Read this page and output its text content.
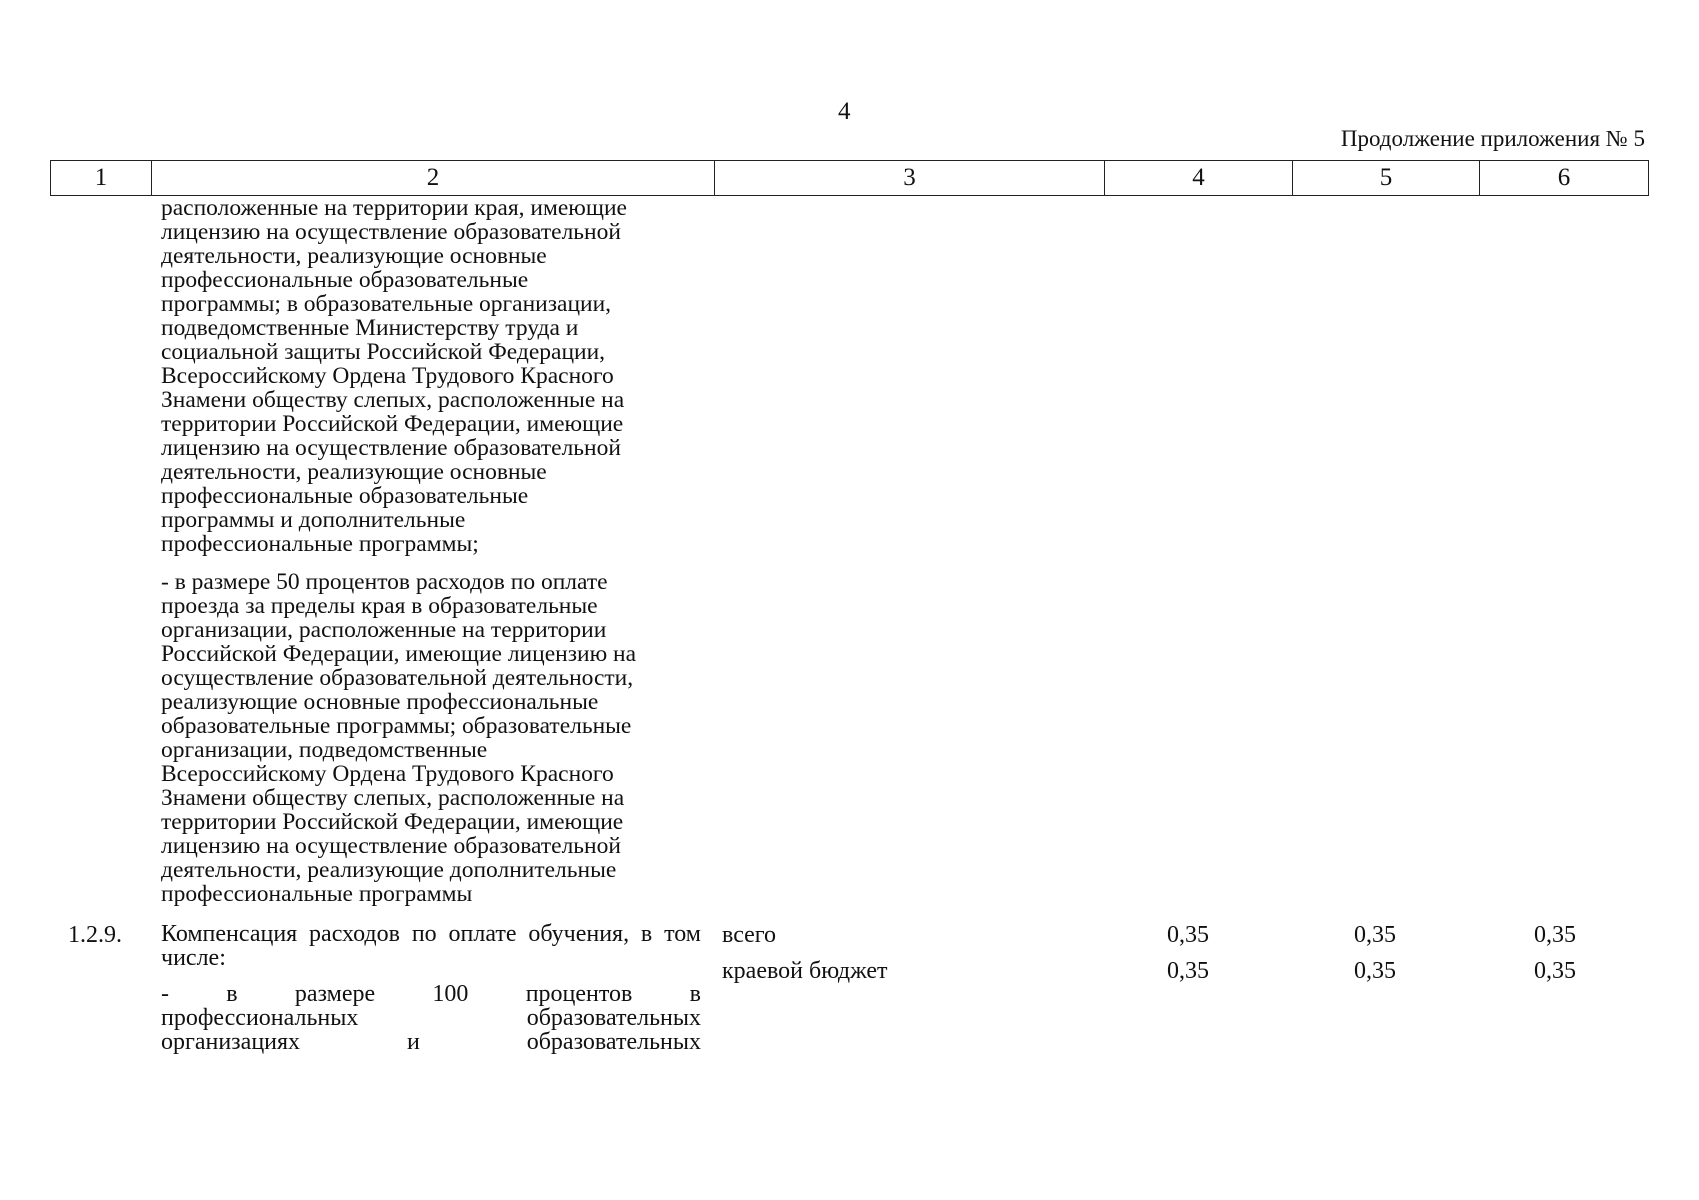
4
Продолжение приложения № 5
1	2	3	4	5	6
расположенные на территории края, имеющие
лицензию на осуществление образовательной
деятельности, реализующие основные
профессиональные образовательные
программы; в образовательные организации,
подведомственные Министерству труда и
социальной защиты Российской Федерации,
Всероссийскому Ордена Трудового Красного
Знамени обществу слепых, расположенные на
территории Российской Федерации, имеющие
лицензию на осуществление образовательной
деятельности, реализующие основные
профессиональные образовательные
программы и дополнительные
профессиональные программы;
- в размере 50 процентов расходов по оплате
проезда за пределы края в образовательные
организации, расположенные на территории
Российской Федерации, имеющие лицензию на
осуществление образовательной деятельности,
реализующие основные профессиональные
образовательные программы; образовательные
организации, подведомственные
Всероссийскому Ордена Трудового Красного
Знамени обществу слепых, расположенные на
территории Российской Федерации, имеющие
лицензию на осуществление образовательной
деятельности, реализующие дополнительные
профессиональные программы
1.2.9. Компенсация расходов по оплате обучения, в том числе:
- в размере 100 процентов в
профессиональных образовательных
организациях и образовательных
всего	0,35	0,35	0,35
краевой бюджет	0,35	0,35	0,35
